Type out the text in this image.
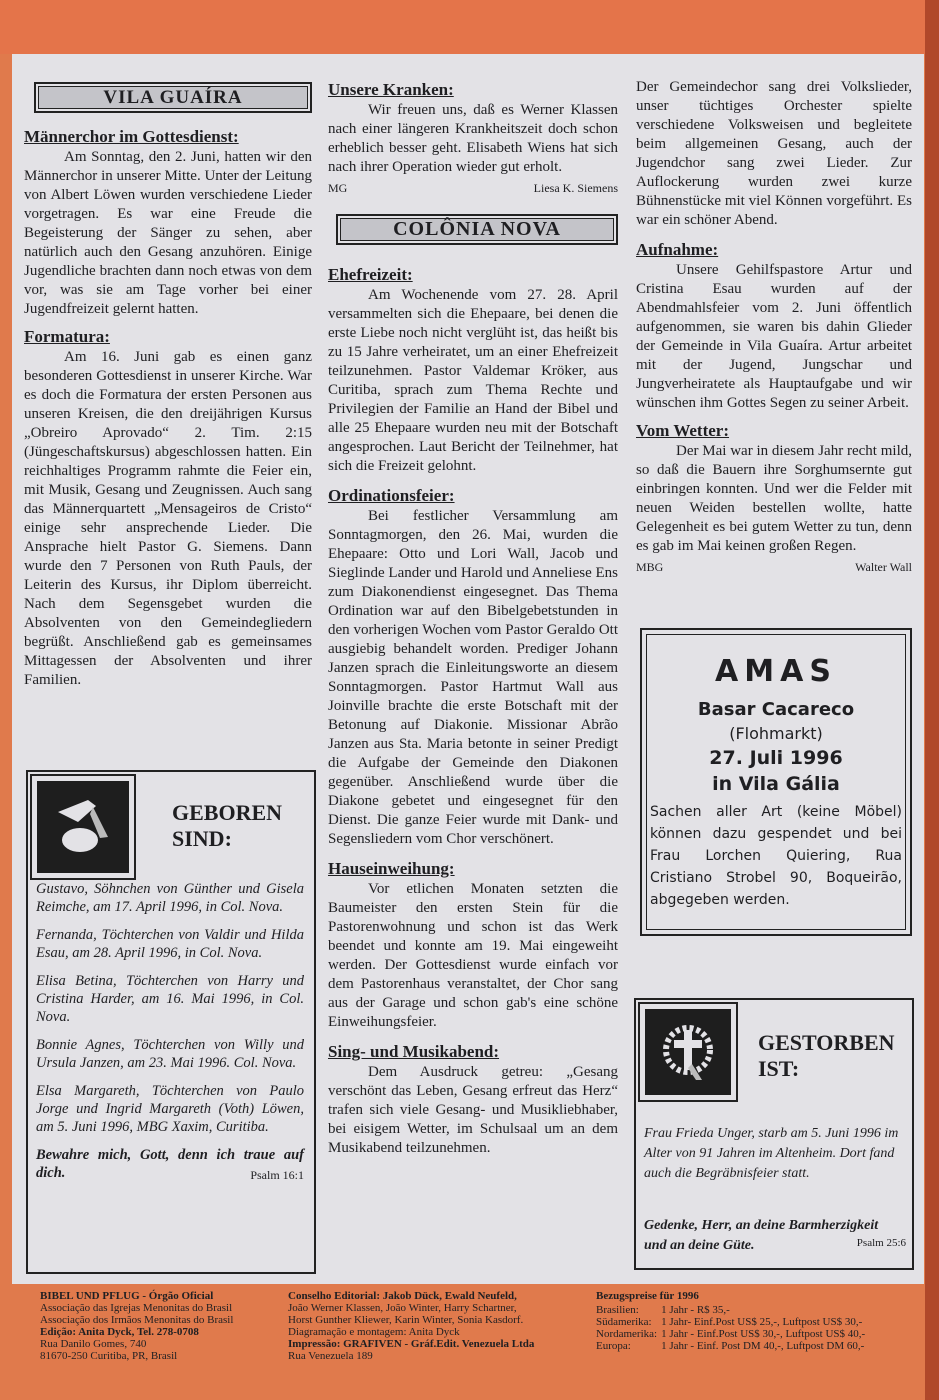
VILA GUAÍRA
Männerchor im Gottesdienst:

Am Sonntag, den 2. Juni, hatten wir den Männerchor in unserer Mitte. Unter der Leitung von Albert Löwen wurden verschiedene Lieder vorgetragen. Es war eine Freude die Begeisterung der Sänger zu sehen, aber natürlich auch den Gesang anzuhören. Einige Jugendliche brachten dann noch etwas von dem vor, was sie am Tage vorher bei einer Jugendfreizeit gelernt hatten.

Formatura:

Am 16. Juni gab es einen ganz besonderen Gottesdienst in unserer Kirche. War es doch die Formatura der ersten Personen aus unseren Kreisen, die den dreijährigen Kursus „Obreiro Aprovado“ 2. Tim. 2:15 (Jüngeschaftskursus) abgeschlossen hatten. Ein reichhaltiges Programm rahmte die Feier ein, mit Musik, Gesang und Zeugnissen. Auch sang das Männerquartett „Mensageiros de Cristo“ einige sehr ansprechende Lieder. Die Ansprache hielt Pastor G. Siemens. Dann wurde den 7 Personen von Ruth Pauls, der Leiterin des Kursus, ihr Diplom überreicht. Nach dem Segensgebet wurden die Absolventen von den Gemeindegliedern begrüßt. Anschließend gab es gemeinsames Mittagessen der Absolventen und ihrer Familien.

GEBOREN SIND:

Gustavo, Söhnchen von Günther und Gisela Reimche, am 17. April 1996, in Col. Nova.

Fernanda, Töchterchen von Valdir und Hilda Esau, am 28. April 1996, in Col. Nova.

Elisa Betina, Töchterchen von Harry und Cristina Harder, am 16. Mai 1996, in Col. Nova.

Bonnie Agnes, Töchterchen von Willy und Ursula Janzen, am 23. Mai 1996. Col. Nova.

Elsa Margareth, Töchterchen von Paulo Jorge und Ingrid Margareth (Voth) Löwen, am 5. Juni 1996, MBG Xaxim, Curitiba.

Bewahre mich, Gott, denn ich traue auf dich.	Psalm 16:1
Unsere Kranken:

Wir freuen uns, daß es Werner Klassen nach einer längeren Krankheitszeit doch schon erheblich besser geht. Elisabeth Wiens hat sich nach ihrer Operation wieder gut erholt.

MG	Liesa K. Siemens
COLÔNIA NOVA
Ehefreizeit:

Am Wochenende vom 27. 28. April versammelten sich die Ehepaare, bei denen die erste Liebe noch nicht verglüht ist, das heißt bis zu 15 Jahre verheiratet, um an einer Ehefreizeit teilzunehmen. Pastor Valdemar Kröker, aus Curitiba, sprach zum Thema Rechte und Privilegien der Familie an Hand der Bibel und alle 25 Ehepaare wurden neu mit der Botschaft angesprochen. Laut Bericht der Teilnehmer, hat sich die Freizeit gelohnt.

Ordinationsfeier:

Bei festlicher Versammlung am Sonntagmorgen, den 26. Mai, wurden die Ehepaare: Otto und Lori Wall, Jacob und Sieglinde Lander und Harold und Anneliese Ens zum Diakonendienst eingesegnet. Das Thema Ordination war auf den Bibelgebetstunden in den vorherigen Wochen vom Pastor Geraldo Ott ausgiebig behandelt worden. Prediger Johann Janzen sprach die Einleitungsworte an diesem Sonntagmorgen. Pastor Hartmut Wall aus Joinville brachte die erste Botschaft mit der Betonung auf Diakonie. Missionar Abrão Janzen aus Sta. Maria betonte in seiner Predigt die Aufgabe der Gemeinde den Diakonen gegenüber. Anschließend wurde über die Diakone gebetet und eingesegnet für den Dienst. Die ganze Feier wurde mit Dank- und Segensliedern vom Chor verschönert.

Hauseinweihung:

Vor etlichen Monaten setzten die Baumeister den ersten Stein für die Pastorenwohnung und schon ist das Werk beendet und konnte am 19. Mai eingeweiht werden. Der Gottesdienst wurde einfach vor dem Pastorenhaus veranstaltet, der Chor sang aus der Garage und schon gab's eine schöne Einweihungsfeier.

Sing- und Musikabend:

Dem Ausdruck getreu: „Gesang verschönt das Leben, Gesang erfreut das Herz“ trafen sich viele Gesang- und Musikliebhaber, bei eisigem Wetter, im Schulsaal um an dem Musikabend teilzunehmen.

Der Gemeindechor sang drei Volkslieder, unser tüchtiges Orchester spielte verschiedene Volksweisen und begleitete beim allgemeinen Gesang, auch der Jugendchor sang zwei Lieder. Zur Auflockerung wurden zwei kurze Bühnenstücke mit viel Können vorgeführt. Es war ein schöner Abend.

Aufnahme:

Unsere Gehilfspastore Artur und Cristina Esau wurden auf der Abendmahlsfeier vom 2. Juni öffentlich aufgenommen, sie waren bis dahin Glieder der Gemeinde in Vila Guaíra. Artur arbeitet mit der Jugend, Jungschar und Jungverheiratete als Hauptaufgabe und wir wünschen ihm Gottes Segen zu seiner Arbeit.

Vom Wetter:

Der Mai war in diesem Jahr recht mild, so daß die Bauern ihre Sorghumsernte gut einbringen konnten. Und wer die Felder mit neuen Weiden bestellen wollte, hatte Gelegenheit es bei gutem Wetter zu tun, denn es gab im Mai keinen großen Regen.

MBG	Walter Wall
AMAS
Basar Cacareco
(Flohmarkt)
27. Juli 1996
in Vila Gália
Sachen aller Art (keine Möbel) können dazu gespendet und bei Frau Lorchen Quiering, Rua Cristiano Strobel 90, Boqueirão, abgegeben werden.
GESTORBEN IST:
Frau Frieda Unger, starb am 5. Juni 1996 im Alter von 91 Jahren im Altenheim. Dort fand auch die Begräbnisfeier statt.
Gedenke, Herr, an deine Barmherzigkeit und an deine Güte.	Psalm 25:6
BIBEL UND PFLUG - Órgão Oficial
Associação das Igrejas Menonitas do Brasil
Associação dos Irmãos Menonitas do Brasil
Edição: Anita Dyck, Tel. 278-0708
Rua Danilo Gomes, 740
81670-250 Curitiba, PR, Brasil
Conselho Editorial: Jakob Dück, Ewald Neufeld,
João Werner Klassen, João Winter, Harry Schartner,
Horst Gunther Kliewer, Karin Winter, Sonia Kasdorf.
Diagramação e montagem: Anita Dyck
Impressão: GRAFIVEN - Gráf.Edit. Venezuela Ltda
Rua Venezuela 189
Bezugspreise für 1996
Brasilien:	1 Jahr - R$ 35,-
Südamerika:	1 Jahr- Einf.Post US$ 25,-, Luftpost US$ 30,-
Nordamerika:	1 Jahr - Einf.Post US$ 30,-, Luftpost US$ 40,-
Europa:	1 Jahr - Einf. Post DM 40,-, Luftpost DM 60,-
